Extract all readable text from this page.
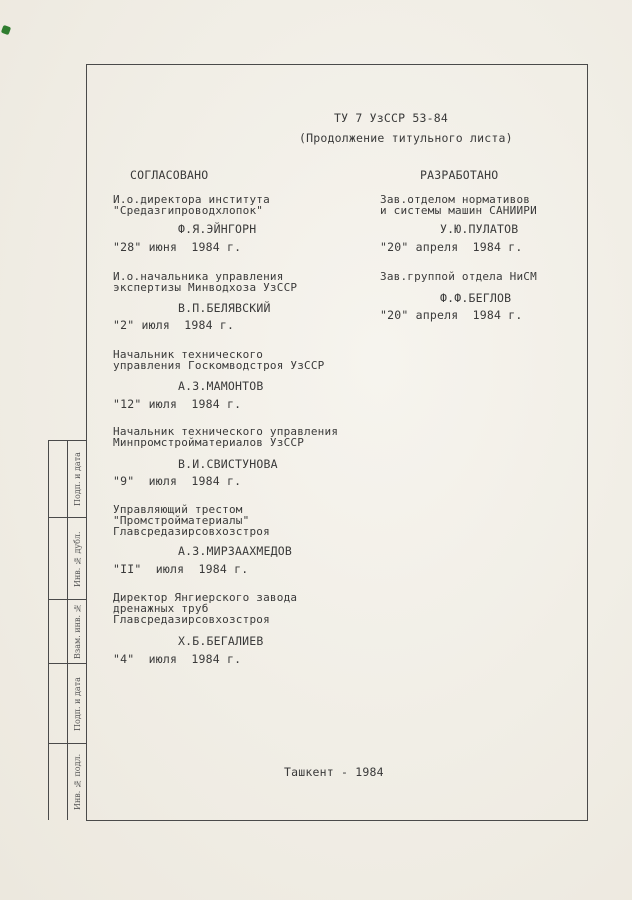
Подп. и дата
Инв. № дубл.
Взам. инв. №
Подп. и дата
Инв. № подл.
ТУ 7 УзССР 53-84
(Продолжение титульного листа)
СОГЛАСОВАНО
И.о.директора института
"Средазгипроводхлопок"
Ф.Я.ЭЙНГОРН
"28" июня  1984 г.
И.о.начальника управления
экспертизы Минводхоза УзССР
В.П.БЕЛЯВСКИЙ
"2" июля  1984 г.
Начальник технического
управления Госкомводстроя УзССР
А.З.МАМОНТОВ
"12" июля  1984 г.
Начальник технического управления
Минпромстройматериалов УзССР
В.И.СВИСТУНОВА
"9"  июля  1984 г.
Управляющий трестом
"Промстройматериалы"
Главсредазирсовхозстроя
А.З.МИРЗААХМЕДОВ
"II"  июля  1984 г.
Директор Янгиерского завода
дренажных труб
Главсредазирсовхозстроя
Х.Б.БЕГАЛИЕВ
"4"  июля  1984 г.
РАЗРАБОТАНО
Зав.отделом нормативов
и системы машин САНИИРИ
У.Ю.ПУЛАТОВ
"20" апреля  1984 г.
Зав.группой отдела НиСМ
Ф.Ф.БЕГЛОВ
"20" апреля  1984 г.
Ташкент - 1984
